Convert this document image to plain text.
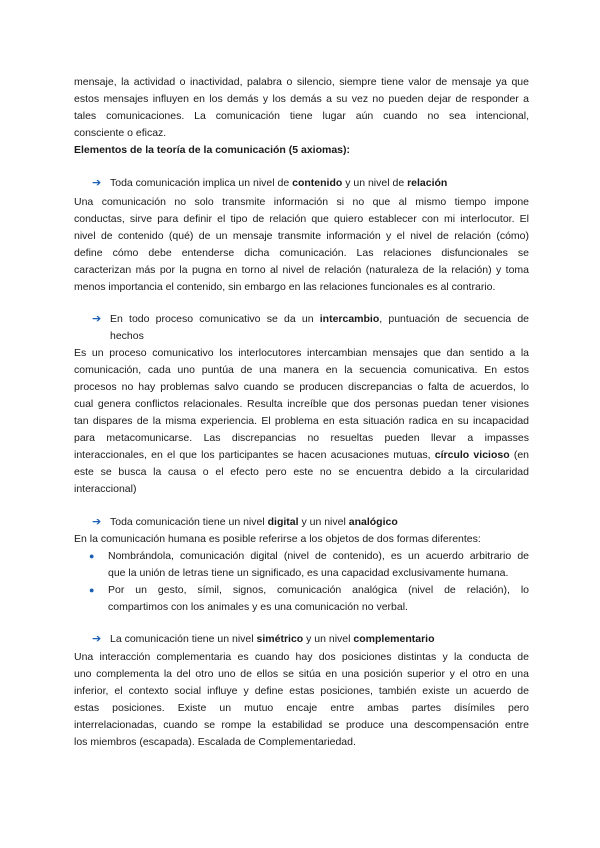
mensaje, la actividad o inactividad, palabra o silencio, siempre tiene valor de mensaje ya que
estos mensajes influyen en los demás y los demás a su vez no pueden dejar de responder a
tales comunicaciones. La comunicación tiene lugar aún cuando no sea intencional,
consciente o eficaz.
Elementos de la teoría de la comunicación (5 axiomas):
➔ Toda comunicación implica un nivel de contenido y un nivel de relación
Una comunicación no solo transmite información si no que al mismo tiempo impone
conductas, sirve para definir el tipo de relación que quiero establecer con mi interlocutor. El
nivel de contenido (qué) de un mensaje transmite información y el nivel de relación (cómo)
define cómo debe entenderse dicha comunicación. Las relaciones disfuncionales se
caracterizan más por la pugna en torno al nivel de relación (naturaleza de la relación) y toma
menos importancia el contenido, sin embargo en las relaciones funcionales es al contrario.
➔ En todo proceso comunicativo se da un intercambio, puntuación de secuencia de
hechos
Es un proceso comunicativo los interlocutores intercambian mensajes que dan sentido a la
comunicación, cada uno puntúa de una manera en la secuencia comunicativa. En estos
procesos no hay problemas salvo cuando se producen discrepancias o falta de acuerdos, lo
cual genera conflictos relacionales. Resulta increíble que dos personas puedan tener visiones
tan dispares de la misma experiencia. El problema en esta situación radica en su incapacidad
para metacomunicarse. Las discrepancias no resueltas pueden llevar a impasses
interaccionales, en el que los participantes se hacen acusaciones mutuas, círculo vicioso (en
este se busca la causa o el efecto pero este no se encuentra debido a la circularidad
interaccional)
➔ Toda comunicación tiene un nivel digital y un nivel analógico
En la comunicación humana es posible referirse a los objetos de dos formas diferentes:
●	Nombrándola, comunicación digital (nivel de contenido), es un acuerdo arbitrario de
que la unión de letras tiene un significado, es una capacidad exclusivamente humana.
●	Por un gesto, símil, signos, comunicación analógica (nivel de relación), lo
compartimos con los animales y es una comunicación no verbal.
➔ La comunicación tiene un nivel simétrico y un nivel complementario
Una interacción complementaria es cuando hay dos posiciones distintas y la conducta de
uno complementa la del otro uno de ellos se sitúa en una posición superior y el otro en una
inferior, el contexto social influye y define estas posiciones, también existe un acuerdo de
estas posiciones. Existe un mutuo encaje entre ambas partes disímiles pero
interrelacionadas, cuando se rompe la estabilidad se produce una descompensación entre
los miembros (escapada). Escalada de Complementariedad.
